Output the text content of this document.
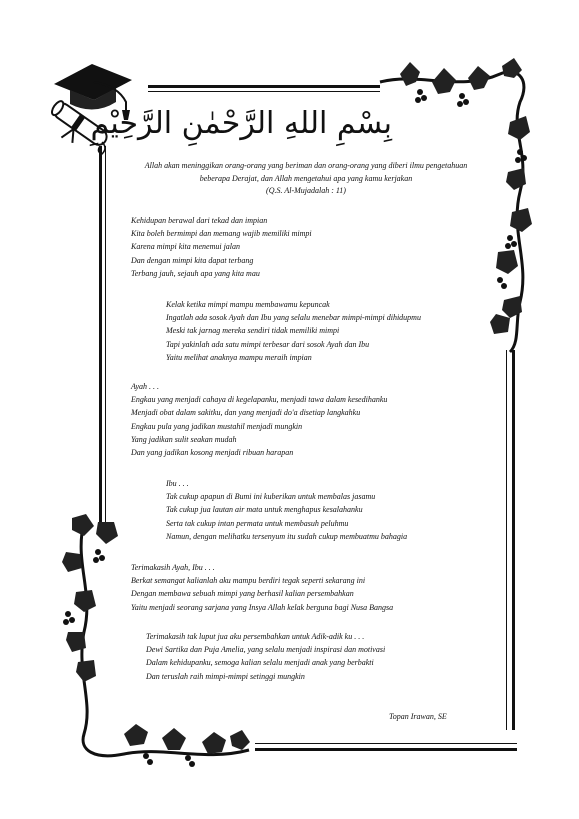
بِسْمِ اللهِ الرَّحْمٰنِ الرَّحِيْمِ
Allah akan meninggikan orang-orang yang beriman dan orang-orang yang diberi ilmu pengetahuan
beberapa Derajat, dan Allah mengetahui apa yang kamu kerjakan
(Q.S. Al-Mujadalah : 11)
Kehidupan berawal dari tekad dan impian
Kita boleh bermimpi dan memang wajib memiliki mimpi
Karena mimpi kita menemui jalan
Dan dengan mimpi kita dapat terbang
Terbang jauh, sejauh apa yang kita mau
Kelak ketika mimpi mampu membawamu kepuncak
Ingatlah ada sosok Ayah dan Ibu yang selalu menebar mimpi-mimpi dihidupmu
Meski tak jarnag mereka sendiri tidak memiliki mimpi
Tapi yakinlah ada satu mimpi terbesar dari sosok Ayah dan Ibu
Yaitu melihat anaknya mampu meraih impian
Ayah . . .
Engkau yang menjadi cahaya di kegelapanku, menjadi tawa dalam kesedihanku
Menjadi obat dalam sakitku, dan yang menjadi do'a disetiap langkahku
Engkau pula yang jadikan mustahil menjadi mungkin
Yang jadikan sulit seakan mudah
Dan yang jadikan kosong menjadi ribuan harapan
Ibu . . .
Tak cukup apapun di Bumi ini kuberikan untuk membalas jasamu
Tak cukup jua lautan air mata untuk menghapus kesalahanku
Serta tak cukup intan permata untuk membasuh peluhmu
Namun, dengan melihatku tersenyum itu sudah cukup membuatmu bahagia
Terimakasih Ayah, Ibu . . .
Berkat semangat kalianlah aku mampu berdiri tegak seperti sekarang ini
Dengan membawa sebuah mimpi yang berhasil kalian persembahkan
Yaitu menjadi seorang sarjana yang Insya Allah kelak berguna bagi Nusa Bangsa
Terimakasih tak luput jua aku persembahkan untuk Adik-adik ku . . .
Dewi Sartika dan Puja Amelia, yang selalu menjadi inspirasi dan motivasi
Dalam kehidupanku, semoga kalian selalu menjadi anak yang berbakti
Dan teruslah raih mimpi-mimpi setinggi mungkin
Topan Irawan, SE
